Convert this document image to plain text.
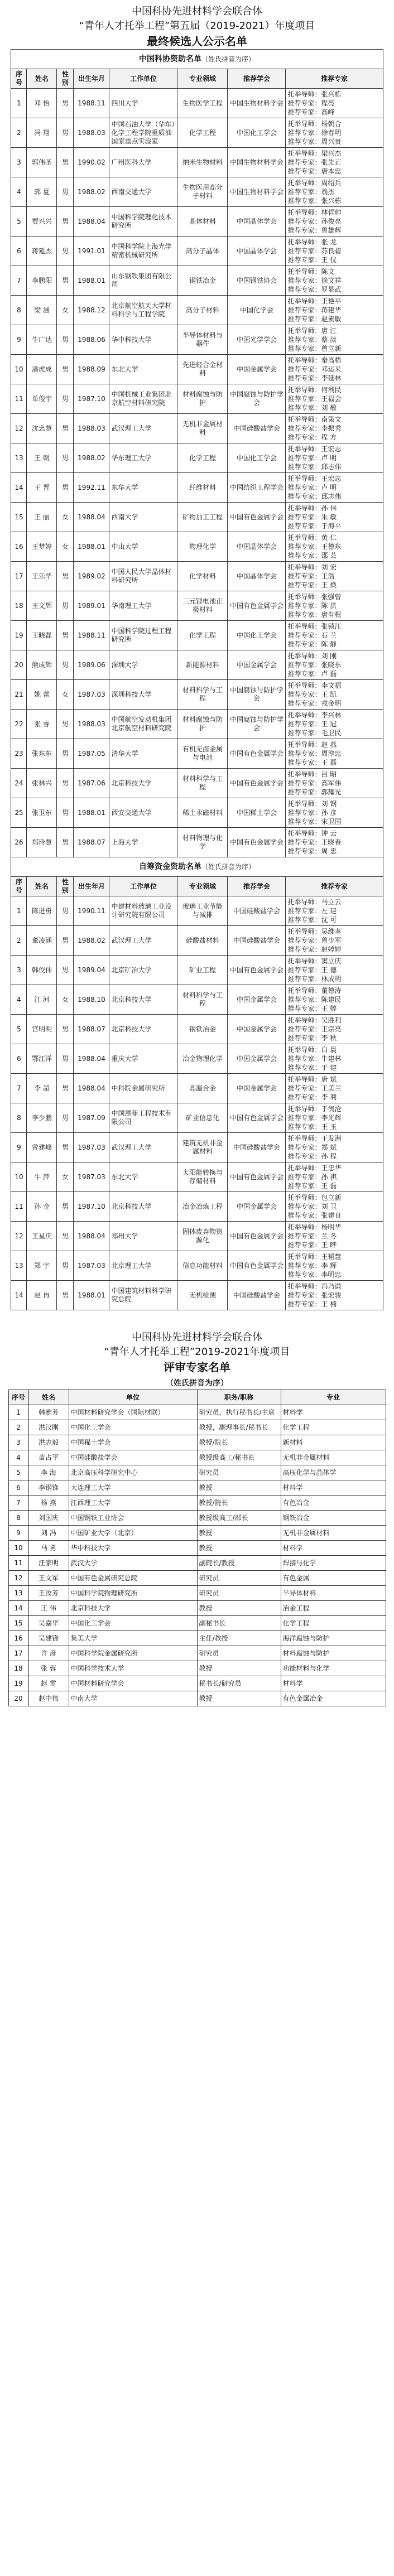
中国科协先进材料学会联合体
“青年人才托举工程”第五届（2019-2021）年度项目
最终候选人公示名单
中国科协资助名单（姓氏拼音为序）							
序号	姓名	性别	出生年月	工作单位	专业领域	推荐学会	推荐专家
1	邓 怡	男	1988.11	四川大学	生物医学工程	中国生物材料学会	托举导师：张兴栋
推荐专家：程亮
推荐专家：高峰
2	冯 翔	男	1988.03	中国石油大学（华东）化学工程学院重质油国家重点实验室	化学工程	中国化工学会	托举导师：杨朝合
推荐专家：徐春明
推荐专家：周兴贵
3	郭伟圣	男	1990.02	广州医科大学	纳米生物材料	中国生物材料学会	托举导师：梁兴杰
推荐专家：张先正
推荐专家：唐本忠
4	郭 夏	男	1988.02	西南交通大学	生物医用高分子材料	中国生物材料学会	托举导师：周绍兵
推荐专家：翁杰
推荐专家：张兴栋
5	贾兴兴	男	1988.04	中国科学院理化技术研究所	晶体材料	中国晶体学会	托举导师：林哲帅
推荐专家：孙俊亮
推荐专家：曾雄辉
6	蒋延杰	男	1991.01	中国科学院上海光学精密机械研究所	高分子晶体	中国晶体学会	托举导师：张 龙
推荐专家：苏良碧
推荐专家：王 仪
7	李鹏阳	男	1988.01	山东钢铁集团有限公司	钢铁冶金	中国钢铁协会	托举导师：陈文
推荐专家：徐文祥
推荐专家：罗显武
8	梁 涵	女	1988.12	北京航空航天大学材料科学与工程学院	高分子材料	中国化学会	托举导师：王艳平
推荐专家：蒋建华
推荐专家：赵素敏
9	牛广达	男	1988.06	华中科技大学	半导体材料与器件	中国光学学会	托举导师：唐 江
推荐专家：蔡 淡
推荐专家：曾立新
10	潘虎成	男	1988.09	东北大学	先进轻合金材料	中国金属学会	托举导师：秦高梧
推荐专家：邓运来
推荐专家：李延林
11	单俊宇	男	1987.10	中国机械工业集团北京航空材料研究院	材料腐蚀与防护	中国腐蚀与防护学会	托举导师：何利民
推荐专家：王福会
推荐专家：刘 敏
12	沈忠慧	男	1988.03	武汉理工大学	无机非金属材料	中国硅酸盐学会	托举导师：南策文
推荐专家：李振秀
推荐专家：程 方
13	王 朝	男	1988.02	华东理工大学	化学工程	中国化工学会	托举导师：王宏志
推荐专家：卢 明
推荐专家：邱志伟
14	王 晋	男	1992.11	东华大学	纤维材料	中国纺织工程学会	托举导师：王宏志
推荐专家：卢 明
推荐专家：邱志伟
15	王 丽	女	1988.04	西南大学	矿物加工工程	中国有色金属学会	托举导师：孙 伟
推荐专家：朱 敏
推荐专家：于海平
16	王梦婷	女	1988.01	中山大学	物理化学	中国晶体学会	托举导师：黄 仁
推荐专家：王德东
推荐专家：邵 芸
17	王乐华	男	1989.02	中国人民大学晶体材料研究所	化学材料	中国晶体学会	托举导师：刘 宏
推荐专家：王浩
推荐专家：王 焕
18	王文辉	男	1989.01	华南理工大学	三元锂电池正极材料	中国有色金属学会	托举导师：张强曾
推荐专家：陈 洪
推荐专家：唐有根
19	王晓磊	男	1988.11	中国科学院过程工程研究所	化学工程	中国化工学会	托举导师：张锁江
推荐专家：石 兰
推荐专家：陈 静
20	熊成辉	男	1989.06	深圳大学	新能源材料	中国金属学会	托举导师：刘 刚
推荐专家：张晓东
推荐专家：卢 磊
21	姚 蕾	女	1987.03	深圳科技大学	材料科学与工程	中国腐蚀与防护学会	托举导师：李文福
推荐专家：王 凯
推荐专家：戎金明
22	张 睿	男	1988.03	中国航空发动机集团北京航空材料研究院	材料腐蚀与防护	中国腐蚀与防护学会	托举导师：李兴林
推荐专家：王 冠
推荐专家：毛卫民
23	张东东	男	1987.05	清华大学	有机无卤金属与电池	中国有色金属学会	托举导师：赵 燕
推荐专家：周淳忠
推荐专家：王 磊
24	张林兴	男	1987.06	北京科技大学	材料科学与工程	中国有色金属学会	托举导师：吕 昭
推荐专家：高军伟
推荐专家：郭耀光
25	张卫东	男	1988.01	西安交通大学	稀土永磁材料	中国稀土学会	托举导师：刘 钢
推荐专家：孙 彦
推荐专家：宋卫国
26	郑玲慧	男	1988.07	上海大学	材料物理与化学	中国有色金属学会	托举导师：钟 云
推荐专家：王晓春
推荐专家：周 忠
自筹资金资助名单（姓氏拼音为序）							
序号	姓名	性别	出生年月	工作单位	专业领域	推荐学会	推荐专家
1	陈进勇	男	1990.11	中建材料玻璃工业设计研究院有限公司	玻璃工业节能与减排	中国硅酸盐学会	托举导师：马立云
推荐专家：左 建
推荐专家：沈 可
2	董凌涵	男	1988.02	武汉理工大学	硅酸盐材料	中国硅酸盐学会	托举导师：吴维孝
推荐专家：曾少军
推荐专家：赵婷婷
3	韩佼伟	男	1989.04	北京矿冶大学	矿业工程	中国有色金属学会	托举导师：窦立庆
推荐专家：王 德
推荐专家：林成明
4	江 河	女	1988.10	北京科技大学	材料科学与工程	中国金属学会	托举导师：董德涛
推荐专家：陈建民
推荐专家：王 婷
5	宫明明	男	1988.07	北京科技大学	钢铁冶金	中国金属学会	托举导师：吴胜利
推荐专家：王宗亮
推荐专家：李 秋
6	鄂江洋	男	1988.04	重庆大学	冶金物理化学	中国金属学会	托举导师：白 晨
推荐专家：牛建林
推荐专家：于 建
7	李 超	男	1988.04	中科院金属研究所	高温合金	中国金属学会	托举导师：唐 斌
推荐专家：王美兰
推荐专家：李 利
8	李少鹏	男	1987.09	中国恩菲工程技术有限公司	矿业信息化	中国有色金属学会	托举导师：于润沧
推荐专家：李光辉
推荐专家：王 玉
9	曾建峰	男	1987.03	武汉理工大学	建筑无机非金属材料	中国硅酸盐学会	托举导师：王发洲
推荐专家：郑 斌
推荐专家：孙 程
10	牛 萍	女	1987.03	东北大学	太阳能转换与存储材料	中国有色金属学会	托举导师：王忠华
推荐专家：孙 祺
推荐专家：王 磊
11	孙 金	男	1987.10	北京科技大学	冶金冶炼工程	中国金属学会	托举导师：包立新
推荐专家：刘 卫
推荐专家：张建良
12	王星庆	男	1988.04	郑州大学	固体废弃物资源化	中国有色金属学会	托举导师：杨明华
推荐专家：兰 冬
推荐专家：王 晔
13	郑 宇	男	1987.03	北京理工大学	信息功能材料	中国有色金属学会	托举导师：王韬慧
推荐专家：李 辉
推荐专家：李明忠
14	赵 冉	男	1988.01	中国建筑材料科学研究总院	无机检测	中国硅酸盐学会	托举导师：冯乃谦
推荐专家：张宏骏
推荐专家：王 楠
中国科协先进材料学会联合体
“青年人才托举工程”2019-2021年度项目
评审专家名单
（姓氏拼音为序）
序号	姓名	单位	职务/职称	专业
1	韩雅芳	中国材料研究学会（国际材联）	研究员，执行秘书长/主席	材料学
2	洪汉刚	中国化工学会	教授，副理事长/秘书长	化学工程
3	洪志毅	中国稀土学会	教授/院长	新材料
4	苗占平	中国硅酸盐学会	教授级高工/秘书长	无机非金属材料
5	李 海	北京高压科学研究中心	研究员	高压化学与晶体学
6	李钢锋	大连理工大学	教授	材料学
7	杨 燕	江西理工大学	教授/院长	有色冶金
8	刘国庆	中国钢铁工业协会	教授级高工/部长	钢铁冶金
9	刘 冯	中国矿业大学（北京）	教授	无机非金属材料
10	马 勇	华中科技大学	教授	材料学
11	汪家明	武汉大学	副院长/教授	焊接与化学
12	王文军	中国有色金属研究总院	研究员	有色金属
13	王汝芳	中国科学院物理研究所	研究员	半导体材料
14	王 伟	北京科技大学	教授	冶金工程
15	吴嘉华	中国化工学会	副秘书长	化学工程
16	吴建锋	集美大学	主任/教授	海洋腐蚀与防护
17	许 彦	中国科学院金属研究所	研究员	材料腐蚀与防护
18	张 蓉	中国科学技术大学	教授	功能材料与化学
19	赵 雷	中国材料研究学会	秘书长/研究员	材料学
20	赵中伟	中南大学	教授	有色金属冶金
